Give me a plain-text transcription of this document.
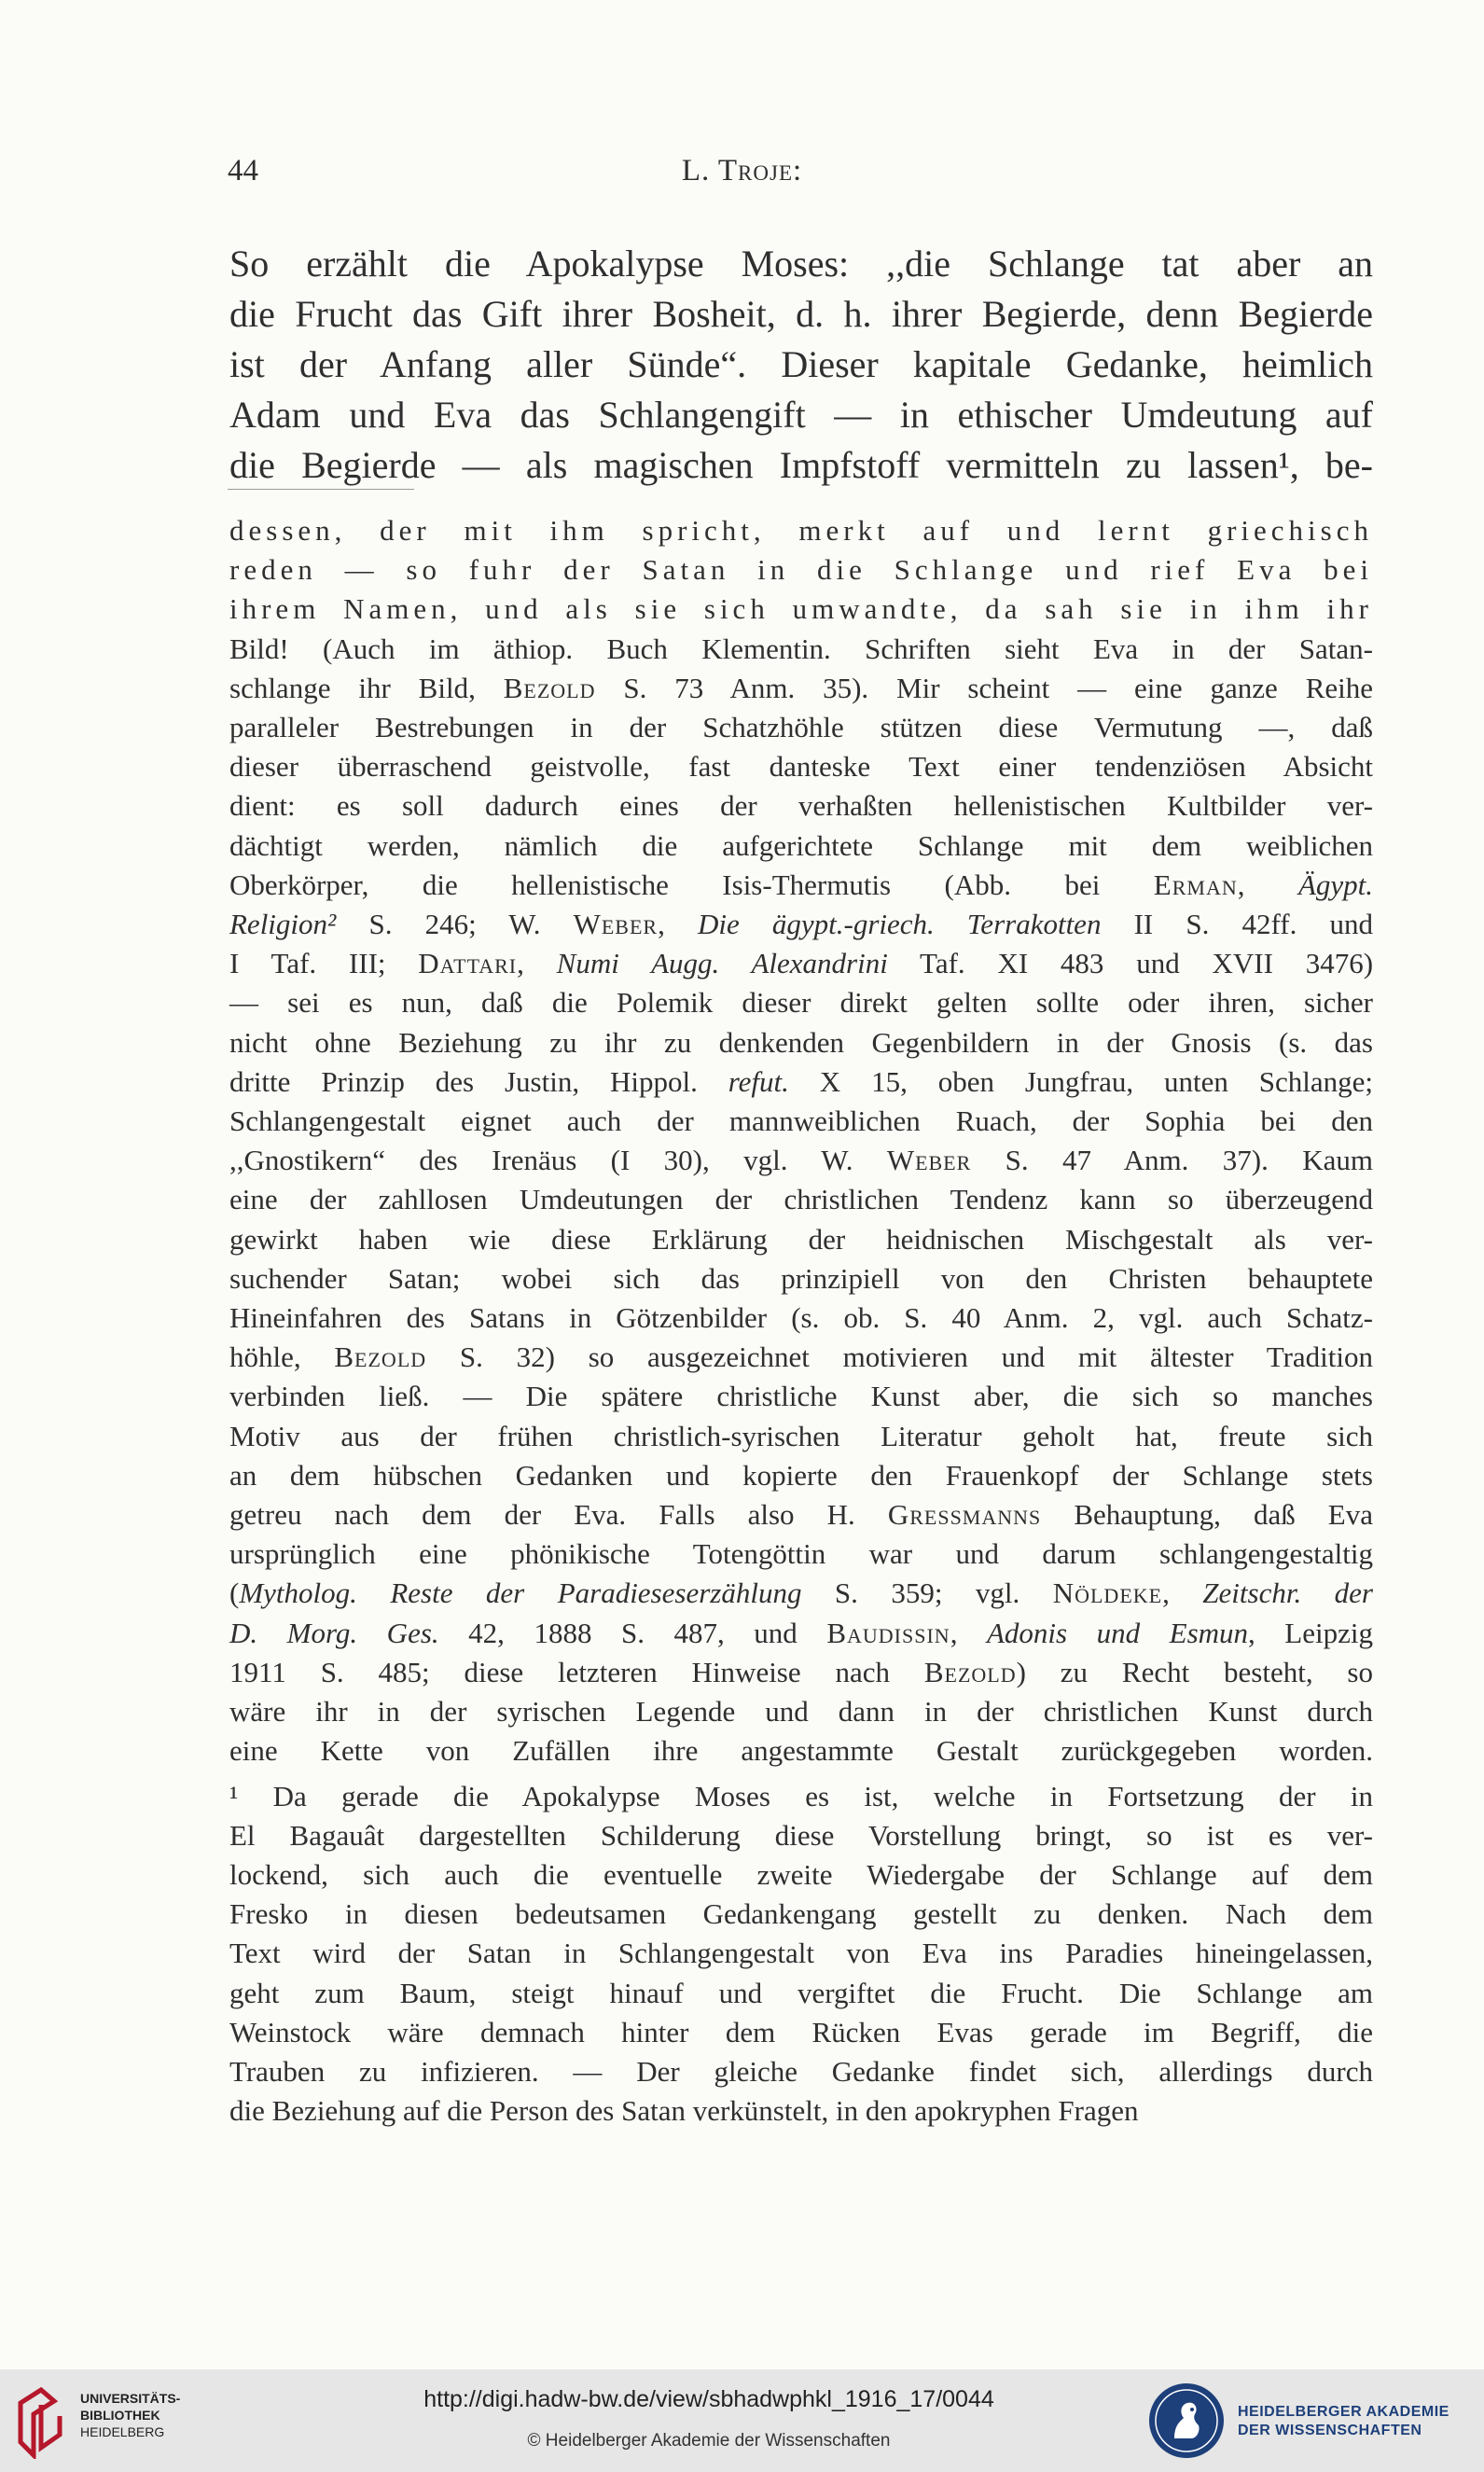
44	L. Troje:
So erzählt die Apokalypse Moses: ,,die Schlange tat aber an
die Frucht das Gift ihrer Bosheit, d. h. ihrer Begierde, denn Begierde
ist der Anfang aller Sünde“. Dieser kapitale Gedanke, heimlich
Adam und Eva das Schlangengift — in ethischer Umdeutung auf
die Begierde — als magischen Impfstoff vermitteln zu lassen¹, be-
dessen, der mit ihm spricht, merkt auf und lernt griechisch
reden — so fuhr der Satan in die Schlange und rief Eva bei
ihrem Namen, und als sie sich umwandte, da sah sie in ihm ihr
Bild! (Auch im äthiop. Buch Klementin. Schriften sieht Eva in der Satan-
schlange ihr Bild, Bezold S. 73 Anm. 35). Mir scheint — eine ganze Reihe
paralleler Bestrebungen in der Schatzhöhle stützen diese Vermutung —, daß
dieser überraschend geistvolle, fast danteske Text einer tendenziösen Absicht
dient: es soll dadurch eines der verhaßten hellenistischen Kultbilder ver-
dächtigt werden, nämlich die aufgerichtete Schlange mit dem weiblichen
Oberkörper, die hellenistische Isis-Thermutis (Abb. bei Erman, Ägypt.
Religion² S. 246; W. Weber, Die ägypt.-griech. Terrakotten II S. 42ff. und
I Taf. III; Dattari, Numi Augg. Alexandrini Taf. XI 483 und XVII 3476)
— sei es nun, daß die Polemik dieser direkt gelten sollte oder ihren, sicher
nicht ohne Beziehung zu ihr zu denkenden Gegenbildern in der Gnosis (s. das
dritte Prinzip des Justin, Hippol. refut. X 15, oben Jungfrau, unten Schlange;
Schlangengestalt eignet auch der mannweiblichen Ruach, der Sophia bei den
,,Gnostikern“ des Irenäus (I 30), vgl. W. Weber S. 47 Anm. 37). Kaum
eine der zahllosen Umdeutungen der christlichen Tendenz kann so überzeugend
gewirkt haben wie diese Erklärung der heidnischen Mischgestalt als ver-
suchender Satan; wobei sich das prinzipiell von den Christen behauptete
Hineinfahren des Satans in Götzenbilder (s. ob. S. 40 Anm. 2, vgl. auch Schatz-
höhle, Bezold S. 32) so ausgezeichnet motivieren und mit ältester Tradition
verbinden ließ. — Die spätere christliche Kunst aber, die sich so manches
Motiv aus der frühen christlich-syrischen Literatur geholt hat, freute sich
an dem hübschen Gedanken und kopierte den Frauenkopf der Schlange stets
getreu nach dem der Eva. Falls also H. Gressmanns Behauptung, daß Eva
ursprünglich eine phönikische Totengöttin war und darum schlangengestaltig
(Mytholog. Reste der Paradieseserzählung S. 359; vgl. Nöldeke, Zeitschr. der
D. Morg. Ges. 42, 1888 S. 487, und Baudissin, Adonis und Esmun, Leipzig
1911 S. 485; diese letzteren Hinweise nach Bezold) zu Recht besteht, so
wäre ihr in der syrischen Legende und dann in der christlichen Kunst durch
eine Kette von Zufällen ihre angestammte Gestalt zurückgegeben worden.
¹ Da gerade die Apokalypse Moses es ist, welche in Fortsetzung der in
El Bagauât dargestellten Schilderung diese Vorstellung bringt, so ist es ver-
lockend, sich auch die eventuelle zweite Wiedergabe der Schlange auf dem
Fresko in diesen bedeutsamen Gedankengang gestellt zu denken. Nach dem
Text wird der Satan in Schlangengestalt von Eva ins Paradies hineingelassen,
geht zum Baum, steigt hinauf und vergiftet die Frucht. Die Schlange am
Weinstock wäre demnach hinter dem Rücken Evas gerade im Begriff, die
Trauben zu infizieren. — Der gleiche Gedanke findet sich, allerdings durch
die Beziehung auf die Person des Satan verkünstelt, in den apokryphen Fragen
UNIVERSITÄTS-
BIBLIOTHEK
HEIDELBERG
http://digi.hadw-bw.de/view/sbhadwphkl_1916_17/0044
© Heidelberger Akademie der Wissenschaften
HEIDELBERGER AKADEMIE
DER WISSENSCHAFTEN
